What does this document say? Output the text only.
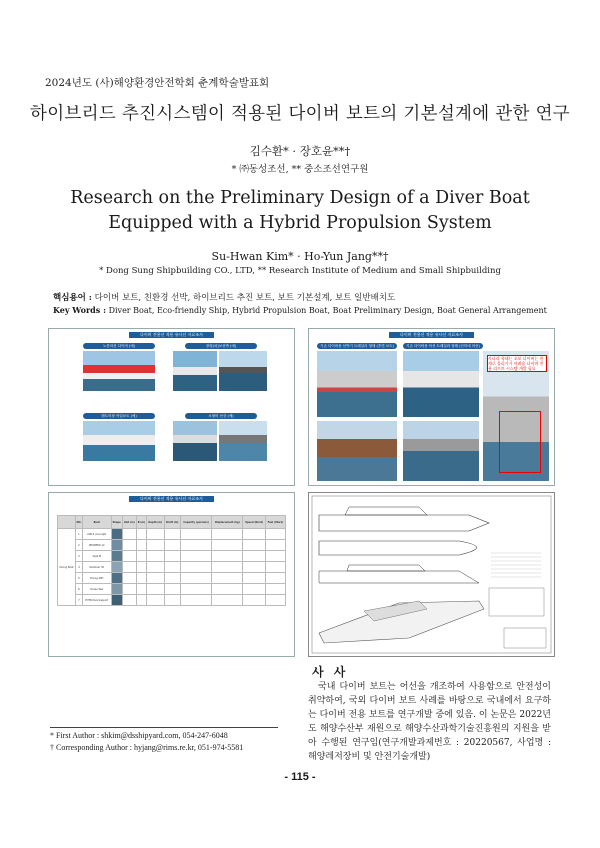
2024년도 (사)해양환경안전학회 춘계학술발표회
하이브리드 추진시스템이 적용된 다이버 보트의 기본설계에 관한 연구
김수환* · 장호윤**†
* ㈜동성조선, ** 중소조선연구원
Research on the Preliminary Design of a Diver Boat Equipped with a Hybrid Propulsion System
Su-Hwan Kim* · Ho-Yun Jang**†
* Dong Sung Shipbuilding CO., LTD, ** Research Institute of Medium and Small Shipbuilding
핵심용어 : 다이버 보트, 친환경 선박, 하이브리드 추진 보트, 보트 기본설계, 보트 일반배치도
Key Words : Diver Boat, Eco-friendly Ship, Hybrid Propulsion Boat, Boat Preliminary Design, Boat General Arrangement
다이버 전용선 적용 유사선 자료조사
노릉리선 다이버 (예)	장렬(차)보선박 (예)
렌트어장 작업보트 (예)	소형어 선상 (예)
다이버 전용선 적용 유사선 자료조사
기존 다이버용 선박기 트레일러 형태 (후면 보트)	기존 다이버용 어선 트레일러 형태 (선미에 어선)
사다리 형태는 초보 다이버는 편 제로 올리가기 어려움 다이버 전용 리프트 시스템 개발 필요
다이버 전용선 적용 유사선 자료조사
	NO.	Boat	Shape	LOA (m)	B (m)	Depth (m)	Draft (m)	Capacity (persons)	Displacement (kg)	Speed (Knot)	Fuel (liters)
Diving Boat	1	AIZ12 (concept)									
	2	PROZERO 12									
	3	Vijak M									
	4	Kinetiner 30									
	5	Diving 30H									
	6	Ocean Nav									
	7	HYPR Dive Support									
사 사
국내 다이버 보트는 어선을 개조하여 사용함으로 안전성이 취약하여, 국외 다이버 보트 사례를 바탕으로 국내에서 요구하는 다이버 전용 보트를 연구개발 중에 있음. 이 논문은 2022년도 해양수산부 재원으로 해양수산과학기술진흥원의 지원을 받아 수행된 연구임(연구개발과제번호 : 20220567, 사업명 : 해양레저장비 및 안전기술개발)
* First Author : shkim@dsshipyard.com, 054-247-6048
† Corresponding Author : hyjang@rims.re.kr, 051-974-5581
- 115 -
